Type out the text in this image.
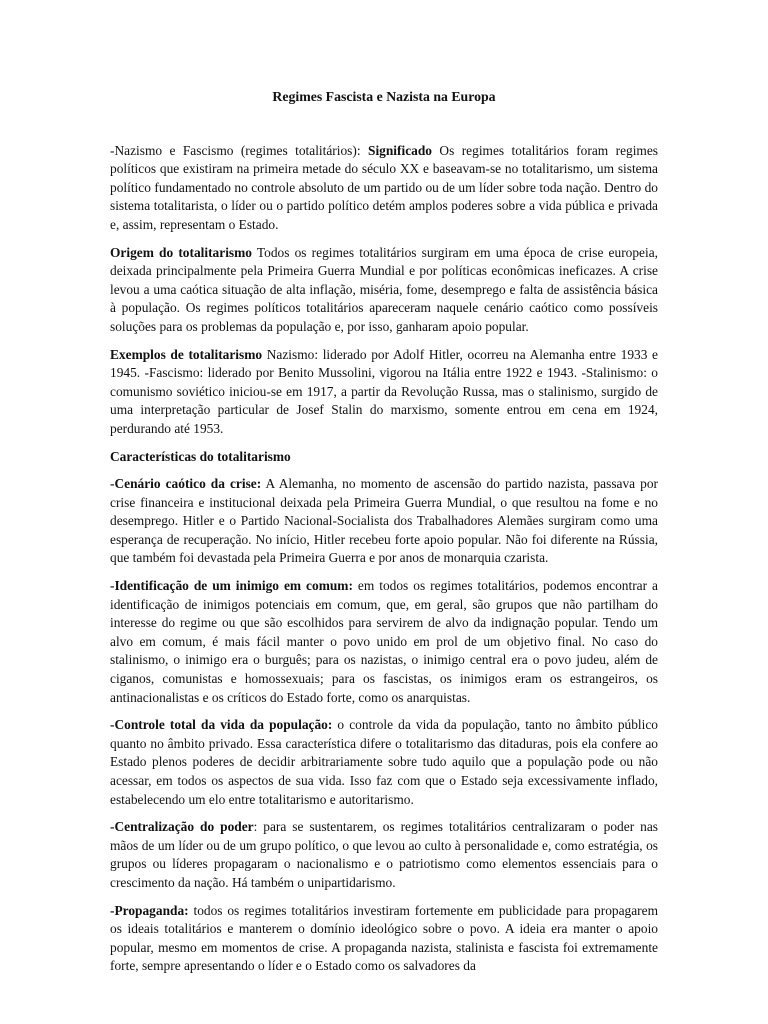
Regimes Fascista e Nazista na Europa

-Nazismo e Fascismo (regimes totalitários): Significado Os regimes totalitários foram regimes políticos que existiram na primeira metade do século XX e baseavam-se no totalitarismo, um sistema político fundamentado no controle absoluto de um partido ou de um líder sobre toda nação. Dentro do sistema totalitarista, o líder ou o partido político detém amplos poderes sobre a vida pública e privada e, assim, representam o Estado.

Origem do totalitarismo Todos os regimes totalitários surgiram em uma época de crise europeia, deixada principalmente pela Primeira Guerra Mundial e por políticas econômicas ineficazes. A crise levou a uma caótica situação de alta inflação, miséria, fome, desemprego e falta de assistência básica à população. Os regimes políticos totalitários apareceram naquele cenário caótico como possíveis soluções para os problemas da população e, por isso, ganharam apoio popular.

Exemplos de totalitarismo Nazismo: liderado por Adolf Hitler, ocorreu na Alemanha entre 1933 e 1945. -Fascismo: liderado por Benito Mussolini, vigorou na Itália entre 1922 e 1943. -Stalinismo: o comunismo soviético iniciou-se em 1917, a partir da Revolução Russa, mas o stalinismo, surgido de uma interpretação particular de Josef Stalin do marxismo, somente entrou em cena em 1924, perdurando até 1953.

Características do totalitarismo

-Cenário caótico da crise: A Alemanha, no momento de ascensão do partido nazista, passava por crise financeira e institucional deixada pela Primeira Guerra Mundial, o que resultou na fome e no desemprego. Hitler e o Partido Nacional-Socialista dos Trabalhadores Alemães surgiram como uma esperança de recuperação. No início, Hitler recebeu forte apoio popular. Não foi diferente na Rússia, que também foi devastada pela Primeira Guerra e por anos de monarquia czarista.

-Identificação de um inimigo em comum: em todos os regimes totalitários, podemos encontrar a identificação de inimigos potenciais em comum, que, em geral, são grupos que não partilham do interesse do regime ou que são escolhidos para servirem de alvo da indignação popular. Tendo um alvo em comum, é mais fácil manter o povo unido em prol de um objetivo final. No caso do stalinismo, o inimigo era o burguês; para os nazistas, o inimigo central era o povo judeu, além de ciganos, comunistas e homossexuais; para os fascistas, os inimigos eram os estrangeiros, os antinacionalistas e os críticos do Estado forte, como os anarquistas.

-Controle total da vida da população: o controle da vida da população, tanto no âmbito público quanto no âmbito privado. Essa característica difere o totalitarismo das ditaduras, pois ela confere ao Estado plenos poderes de decidir arbitrariamente sobre tudo aquilo que a população pode ou não acessar, em todos os aspectos de sua vida. Isso faz com que o Estado seja excessivamente inflado, estabelecendo um elo entre totalitarismo e autoritarismo.

-Centralização do poder: para se sustentarem, os regimes totalitários centralizaram o poder nas mãos de um líder ou de um grupo político, o que levou ao culto à personalidade e, como estratégia, os grupos ou líderes propagaram o nacionalismo e o patriotismo como elementos essenciais para o crescimento da nação. Há também o unipartidarismo.

-Propaganda: todos os regimes totalitários investiram fortemente em publicidade para propagarem os ideais totalitários e manterem o domínio ideológico sobre o povo. A ideia era manter o apoio popular, mesmo em momentos de crise. A propaganda nazista, stalinista e fascista foi extremamente forte, sempre apresentando o líder e o Estado como os salvadores da
